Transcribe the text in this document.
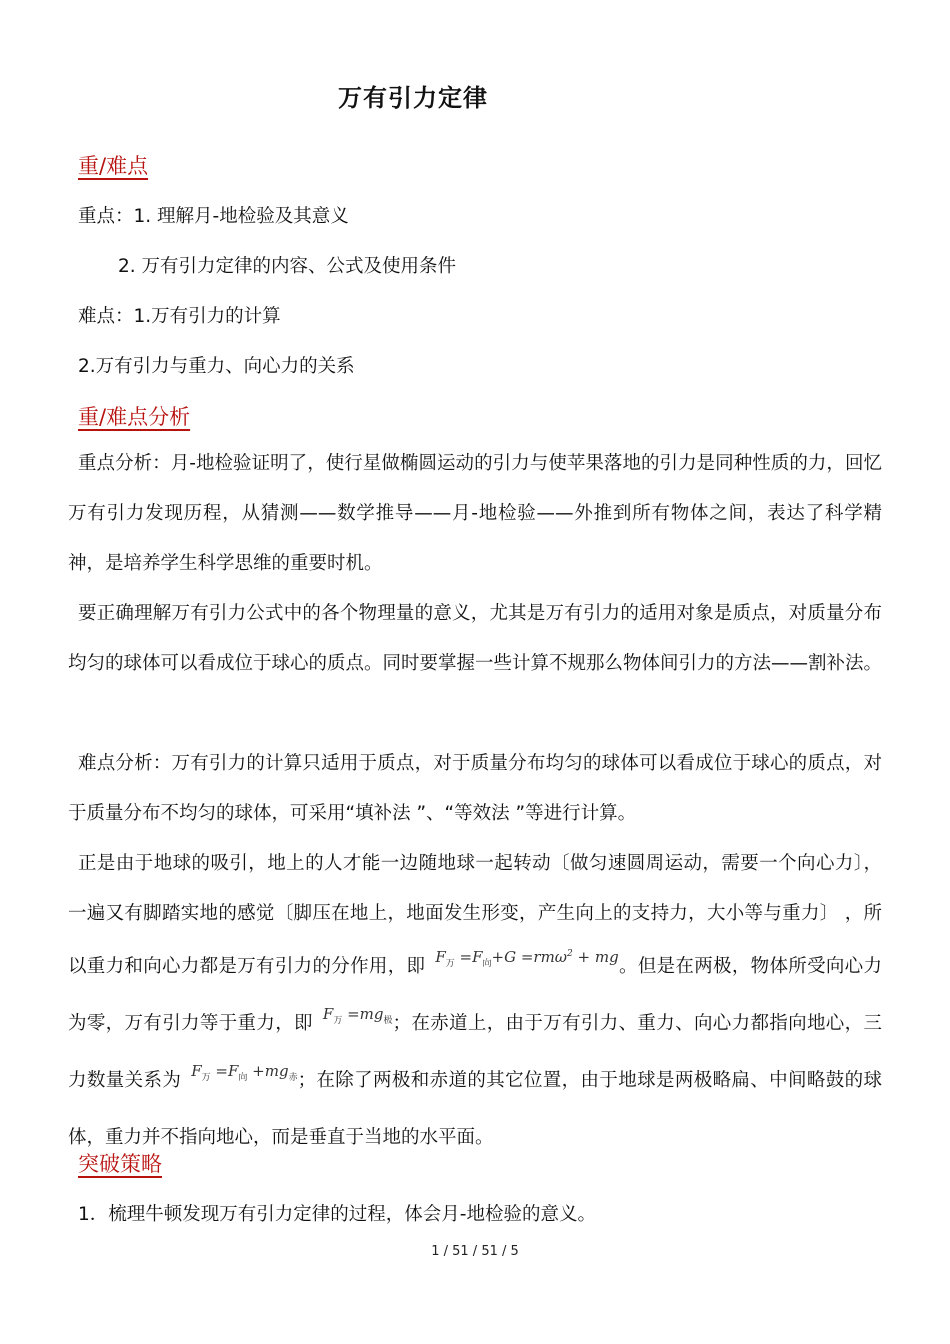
万有引力定律
重/难点
重点：1. 理解月-地检验及其意义
2. 万有引力定律的内容、公式及使用条件
难点：1.万有引力的计算
2.万有引力与重力、向心力的关系
重/难点分析
重点分析：月-地检验证明了，使行星做椭圆运动的引力与使苹果落地的引力是同种性质的力，回忆万有引力发现历程，从猜测——数学推导——月-地检验——外推到所有物体之间，表达了科学精神，是培养学生科学思维的重要时机。
要正确理解万有引力公式中的各个物理量的意义，尤其是万有引力的适用对象是质点，对质量分布均匀的球体可以看成位于球心的质点。同时要掌握一些计算不规那么物体间引力的方法——割补法。
难点分析：万有引力的计算只适用于质点，对于质量分布均匀的球体可以看成位于球心的质点，对于质量分布不均匀的球体，可采用“填补法 ”、“等效法 ”等进行计算。
正是由于地球的吸引，地上的人才能一边随地球一起转动〔做匀速圆周运动，需要一个向心力〕，一遍又有脚踏实地的感觉〔脚压在地上，地面发生形变，产生向上的支持力，大小等与重力〕 ，所以重力和向心力都是万有引力的分作用，即 $F_万 =F_向+G =rm\omega^2$ + mg。但是在两极，物体所受向心力为零，万有引力等于重力，即 $F_万 =mg_极$；在赤道上，由于万有引力、重力、向心力都指向地心，三力数量关系为 $F_万 =F_向 +mg_赤$；在除了两极和赤道的其它位置，由于地球是两极略扁、中间略鼓的球体，重力并不指向地心，而是垂直于当地的水平面。
突破策略
1．梳理牛顿发现万有引力定律的过程，体会月-地检验的意义。
1 / 51 / 51 / 5
